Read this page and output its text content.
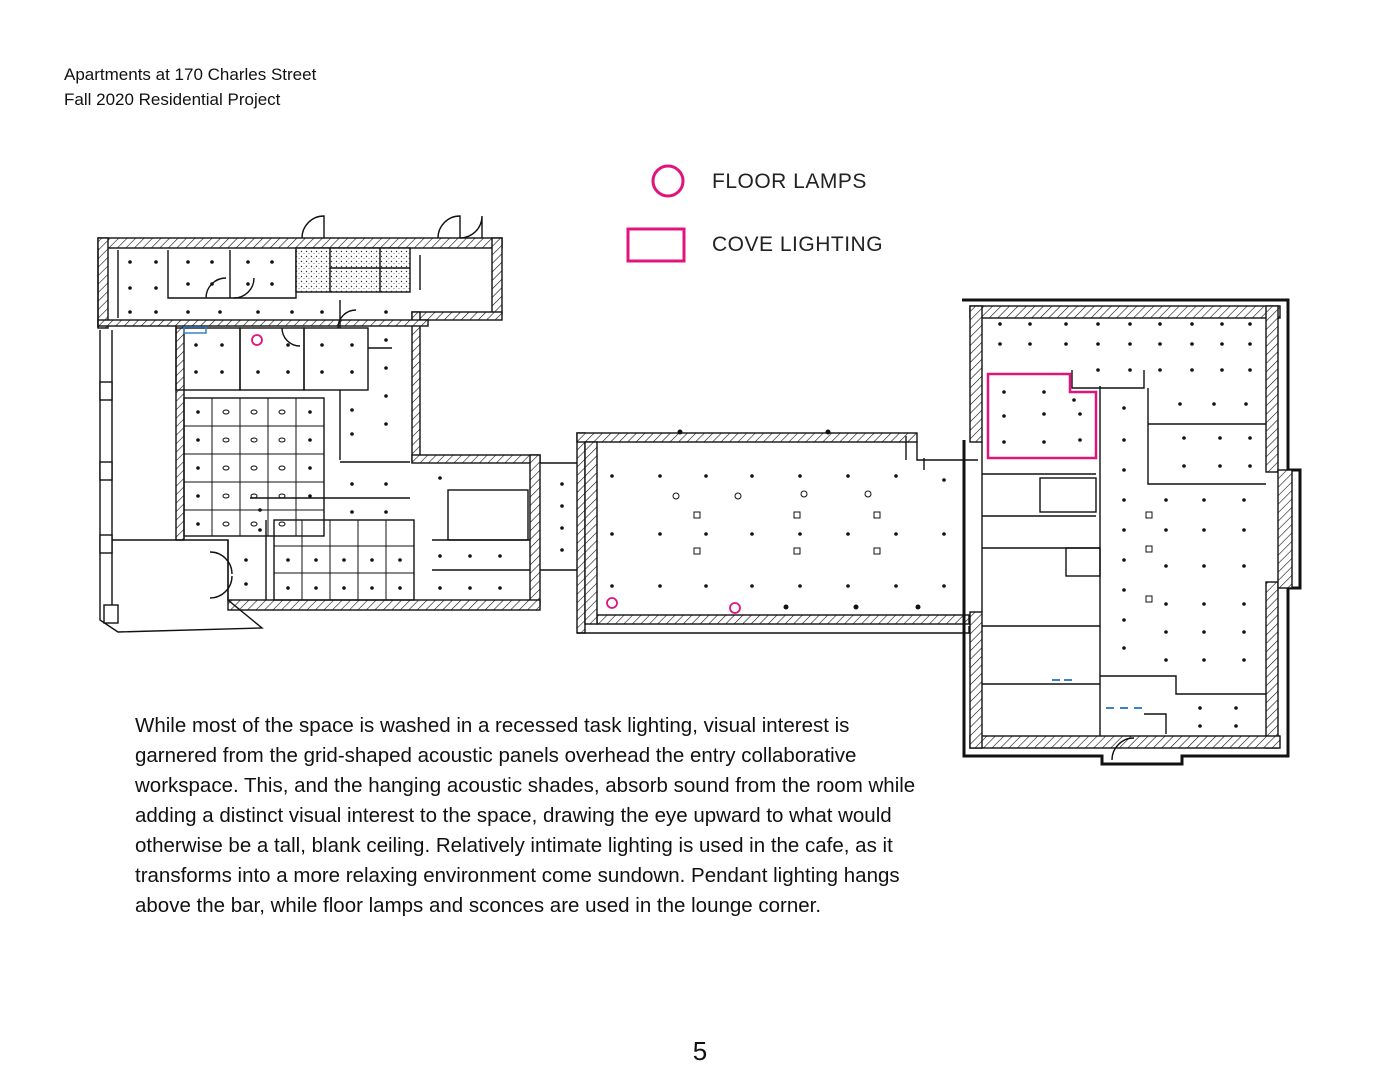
Apartments at 170 Charles Street
Fall 2020 Residential Project
FLOOR LAMPS
COVE LIGHTING
While most of the space is washed in a recessed task lighting, visual interest is garnered from the grid-shaped acoustic panels overhead the entry collaborative workspace. This, and the hanging acoustic shades, absorb sound from the room while adding a distinct visual interest to the space, drawing the eye upward to what would otherwise be a tall, blank ceiling. Relatively intimate lighting is used in the cafe, as it transforms into a more relaxing environment come sundown. Pendant lighting hangs above the bar, while floor lamps and sconces are used in the lounge corner.
5
